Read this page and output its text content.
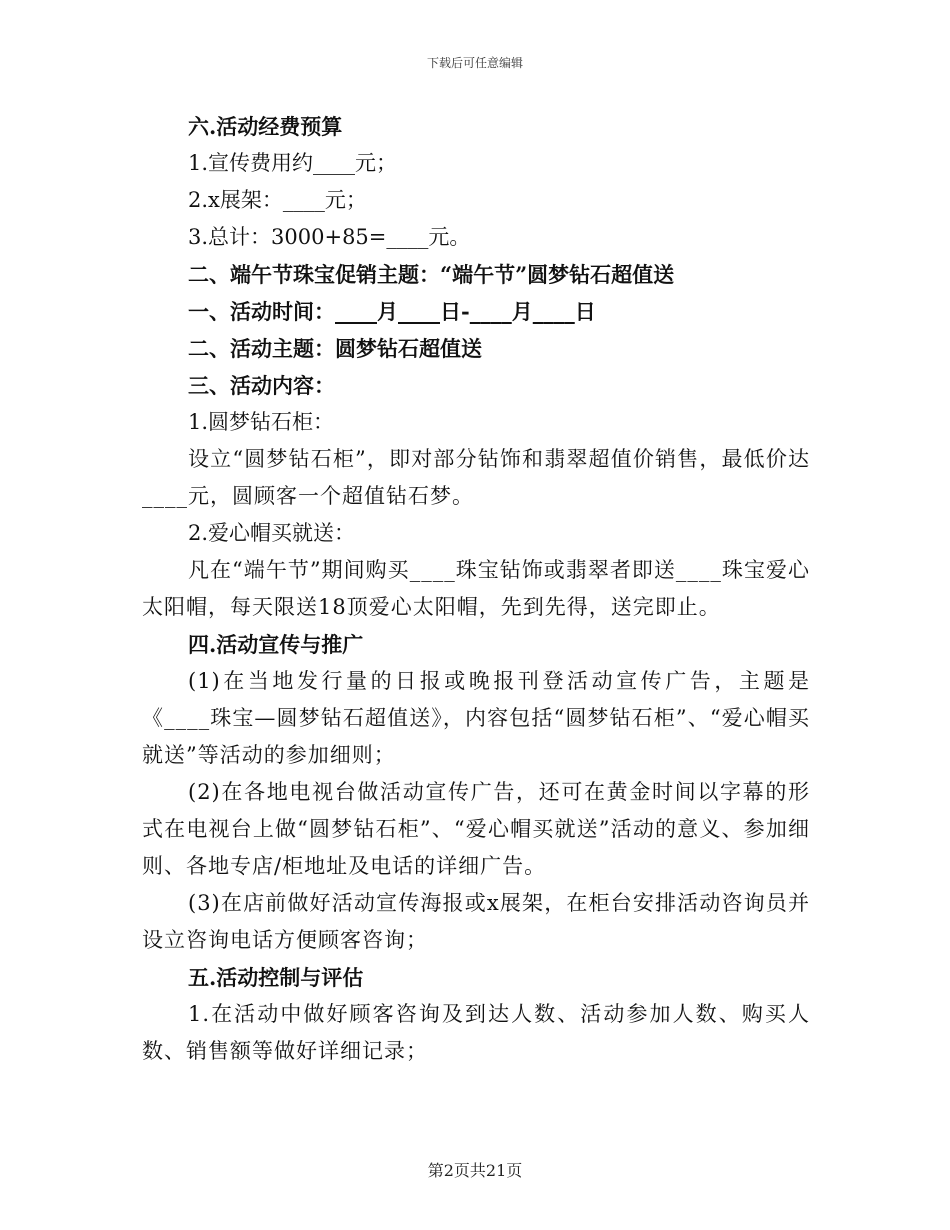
下载后可任意编辑
六.活动经费预算
1.宣传费用约____元；
2.x展架：____元；
3.总计：3000+85=____元。
二、端午节珠宝促销主题：“端午节”圆梦钻石超值送
一、活动时间：____月____日-____月____日
二、活动主题：圆梦钻石超值送
三、活动内容：
1.圆梦钻石柜：
设立“圆梦钻石柜”，即对部分钻饰和翡翠超值价销售，最低价达____元，圆顾客一个超值钻石梦。
2.爱心帽买就送：
凡在“端午节”期间购买____珠宝钻饰或翡翠者即送____珠宝爱心太阳帽，每天限送18顶爱心太阳帽，先到先得，送完即止。
四.活动宣传与推广
(1)在当地发行量的日报或晚报刊登活动宣传广告，主题是《____珠宝—圆梦钻石超值送》，内容包括“圆梦钻石柜”、“爱心帽买就送”等活动的参加细则；
(2)在各地电视台做活动宣传广告，还可在黄金时间以字幕的形式在电视台上做“圆梦钻石柜”、“爱心帽买就送”活动的意义、参加细则、各地专店/柜地址及电话的详细广告。
(3)在店前做好活动宣传海报或x展架，在柜台安排活动咨询员并设立咨询电话方便顾客咨询；
五.活动控制与评估
1.在活动中做好顾客咨询及到达人数、活动参加人数、购买人数、销售额等做好详细记录；
第2页共21页
